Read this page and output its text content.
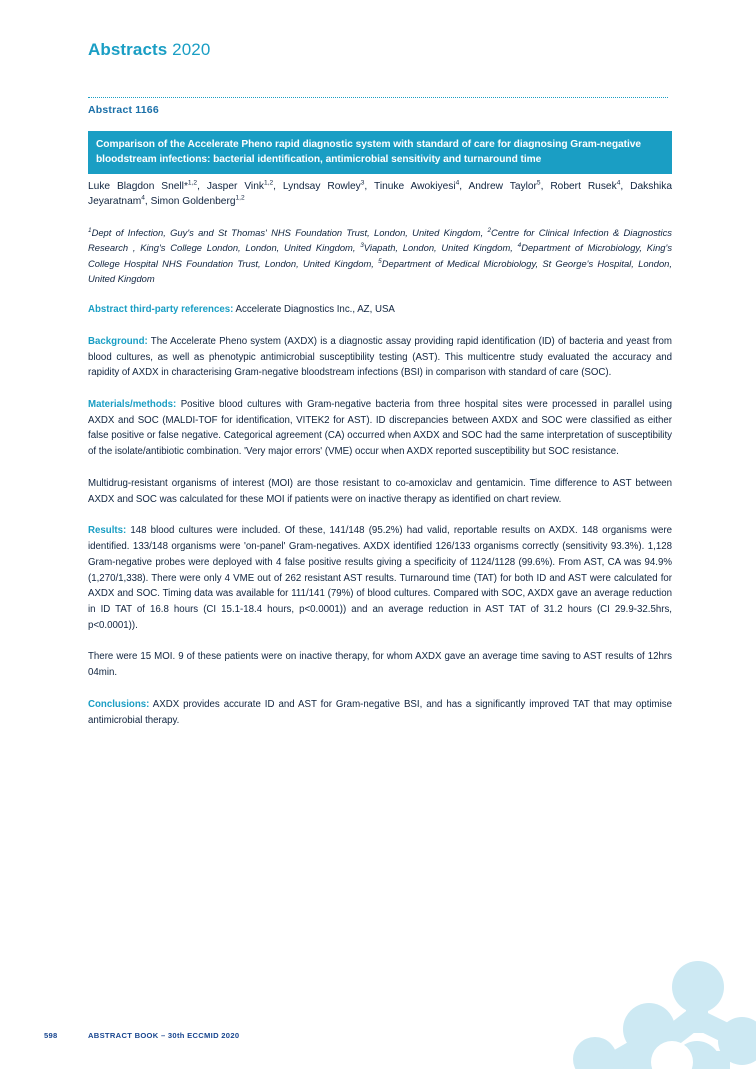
Abstracts 2020
Abstract 1166
Comparison of the Accelerate Pheno rapid diagnostic system with standard of care for diagnosing Gram-negative bloodstream infections: bacterial identification, antimicrobial sensitivity and turnaround time
Luke Blagdon Snell*$^{1,2}$, Jasper Vink$^{1,2}$, Lyndsay Rowley$^3$, Tinuke Awokiyesi$^4$, Andrew Taylor$^5$, Robert Rusek$^4$, Dakshika Jeyaratnam$^4$, Simon Goldenberg$^{1,2}$
$^1$Dept of Infection, Guy's and St Thomas' NHS Foundation Trust, London, United Kingdom, $^2$Centre for Clinical Infection & Diagnostics Research , King's College London, London, United Kingdom, $^3$Viapath, London, United Kingdom, $^4$Department of Microbiology, King's College Hospital NHS Foundation Trust, London, United Kingdom, $^5$Department of Medical Microbiology, St George's Hospital, London, United Kingdom

Abstract third-party references: Accelerate Diagnostics Inc., AZ, USA

Background: The Accelerate Pheno system (AXDX) is a diagnostic assay providing rapid identification (ID) of bacteria and yeast from blood cultures, as well as phenotypic antimicrobial susceptibility testing (AST). This multicentre study evaluated the accuracy and rapidity of AXDX in characterising Gram-negative bloodstream infections (BSI) in comparison with standard of care (SOC).

Materials/methods: Positive blood cultures with Gram-negative bacteria from three hospital sites were processed in parallel using AXDX and SOC (MALDI-TOF for identification, VITEK2 for AST). ID discrepancies between AXDX and SOC were classified as either false positive or false negative. Categorical agreement (CA) occurred when AXDX and SOC had the same interpretation of susceptibility of the isolate/antibiotic combination. 'Very major errors' (VME) occur when AXDX reported susceptibility but SOC resistance.

Multidrug-resistant organisms of interest (MOI) are those resistant to co-amoxiclav and gentamicin. Time difference to AST between AXDX and SOC was calculated for these MOI if patients were on inactive therapy as identified on chart review.

Results: 148 blood cultures were included. Of these, 141/148 (95.2%) had valid, reportable results on AXDX. 148 organisms were identified. 133/148 organisms were 'on-panel' Gram-negatives. AXDX identified 126/133 organisms correctly (sensitivity 93.3%). 1,128 Gram-negative probes were deployed with 4 false positive results giving a specificity of 1124/1128 (99.6%). From AST, CA was 94.9% (1,270/1,338). There were only 4 VME out of 262 resistant AST results. Turnaround time (TAT) for both ID and AST were calculated for AXDX and SOC. Timing data was available for 111/141 (79%) of blood cultures. Compared with SOC, AXDX gave an average reduction in ID TAT of 16.8 hours (CI 15.1-18.4 hours, p<0.0001)) and an average reduction in AST TAT of 31.2 hours (CI 29.9-32.5hrs, p<0.0001)).

There were 15 MOI. 9 of these patients were on inactive therapy, for whom AXDX gave an average time saving to AST results of 12hrs 04min.

Conclusions: AXDX provides accurate ID and AST for Gram-negative BSI, and has a significantly improved TAT that may optimise antimicrobial therapy.

598	ABSTRACT BOOK – 30th ECCMID 2020
